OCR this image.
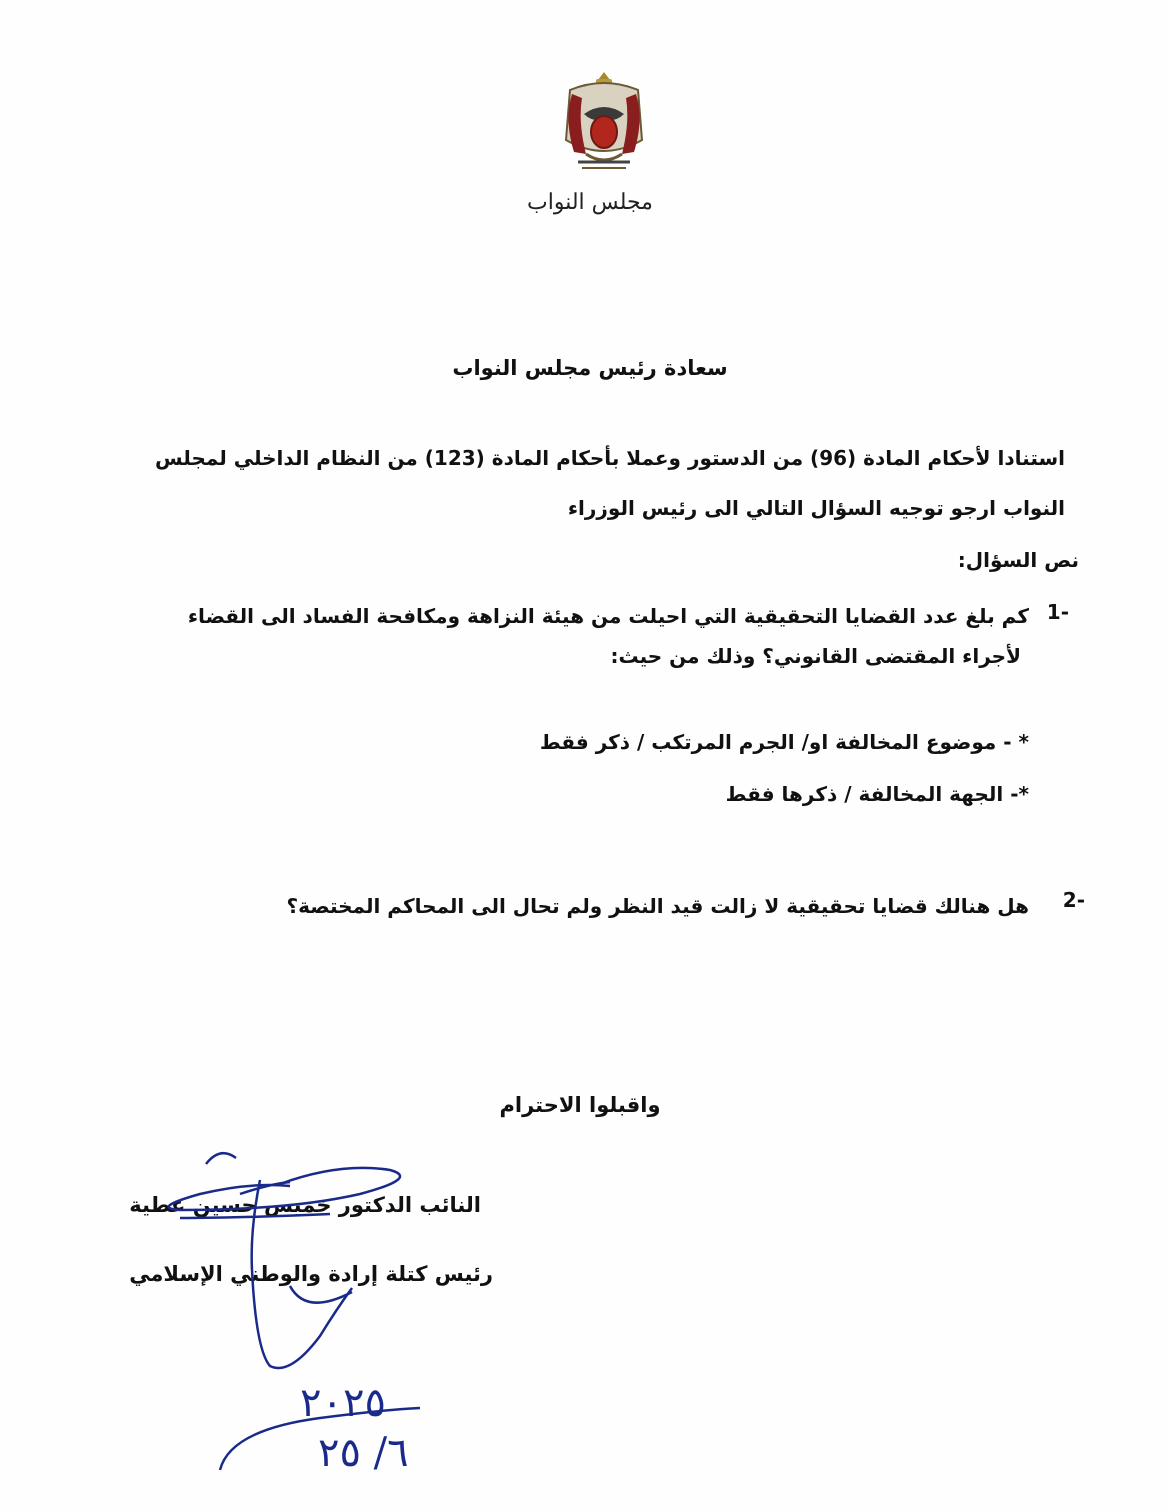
مجلس النواب
سعادة رئيس مجلس النواب
استنادا لأحكام المادة (96) من الدستور وعملا بأحكام المادة (123) من النظام الداخلي لمجلس
النواب ارجو توجيه السؤال التالي الى رئيس الوزراء
نص السؤال:
1-
كم بلغ عدد القضايا التحقيقية التي احيلت من هيئة النزاهة ومكافحة الفساد الى القضاء
لأجراء المقتضى القانوني؟ وذلك من حيث:
* - موضوع المخالفة او/ الجرم المرتكب / ذكر فقط
*- الجهة المخالفة / ذكرها فقط
2-
هل هنالك قضايا تحقيقية لا زالت قيد النظر ولم تحال الى المحاكم المختصة؟
واقبلوا الاحترام
النائب الدكتور خميس حسين عطية
رئيس كتلة إرادة والوطني الإسلامي
٢٠٢٥
٦/ ٢٥
